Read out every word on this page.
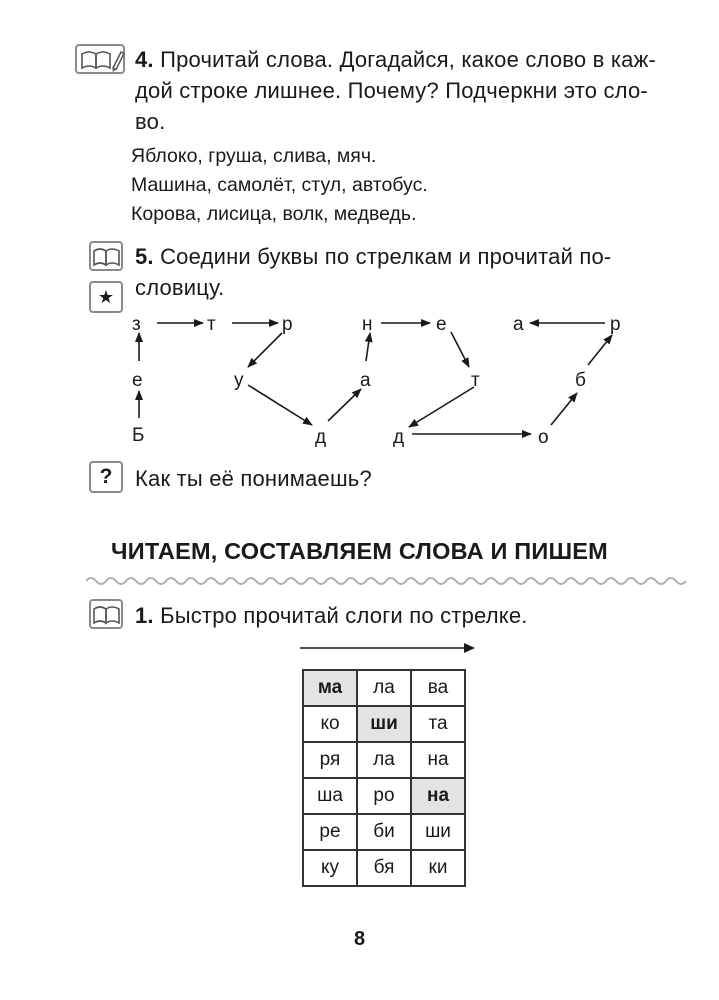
4. Прочитай слова. Догадайся, какое слово в каж-
дой строке лишнее. Почему? Подчеркни это сло-
во.
Яблоко, груша, слива, мяч.
Машина, самолёт, стул, автобус.
Корова, лисица, волк, медведь.
★
5. Соедини буквы по стрелкам и прочитай по-
словицу.
з	т	р
е	у
Б	д
а
н	е
т
д
а	р
б
о
?	Как ты её понимаешь?
ЧИТАЕМ, СОСТАВЛЯЕМ СЛОВА И ПИШЕМ
1. Быстро прочитай слоги по стрелке.
ма	ла	ва
ко	ши	та
ря	ла	на
ша	ро	на
ре	би	ши
ку	бя	ки
8
